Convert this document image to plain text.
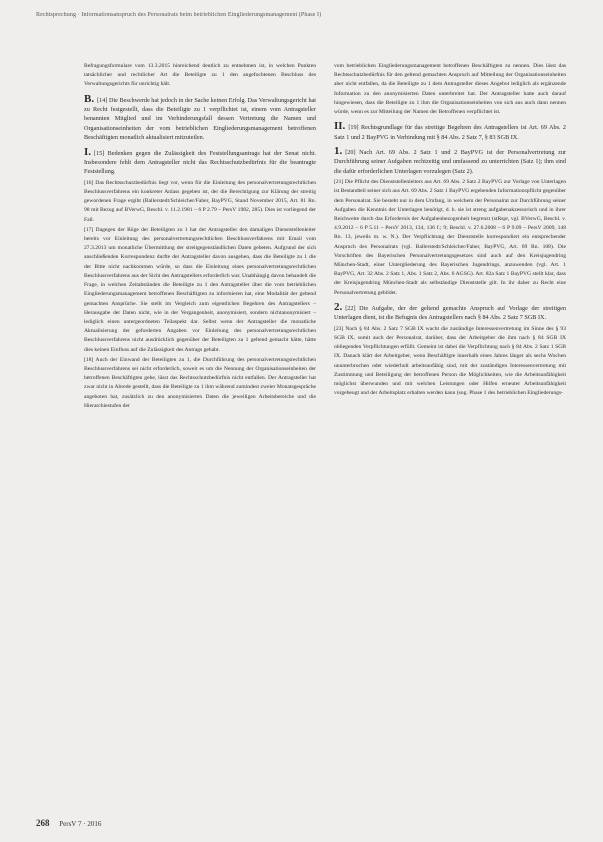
Rechtsprechung · Informationsanspruch des Personalrats beim betrieblichen Eingliederungsmanagement (Phase I)

Befragungsformulare vom 13.3.2015 hinreichend deutlich zu entnehmen ist, in welchen Punkten tatsächlicher und rechtlicher Art die Beteiligte zu 1 den angefochtenen Beschluss des Verwaltungsgerichts für unrichtig hält.

B. [14] Die Beschwerde hat jedoch in der Sache keinen Erfolg. Das Verwaltungsgericht hat zu Recht festgestellt, dass die Beteiligte zu 1 verpflichtet ist, einem vom Antragsteller benannten Mitglied und im Verhinderungsfall dessen Vertretung die Namen und Organisationseinheiten der vom betrieblichen Eingliederungsmanagement betroffenen Beschäftigten monatlich aktualisiert mitzuteilen.
I. [15] Bedenken gegen die Zulässigkeit des Feststellungsantrags hat der Senat nicht. Insbesondere fehlt dem Antragsteller nicht das Rechtsschutzbedürfnis für die beantragte Feststellung.

[16] Das Rechtsschutzbedürfnis liegt vor, wenn für die Einleitung des personalvertretungsrechtlichen Beschlussverfahrens ein konkreter Anlass gegeben ist, der die Berechtigung zur Klärung der streitig gewordenen Frage ergibt (Ballerstedt/Schleicher/Faber, BayPVG, Stand November 2015, Art. 81 Rn. 98 mit Bezug auf BVerwG, Beschl. v. 11.2.1981 – 6 P 2.79 – PersV 1982, 285). Dies ist vorliegend der Fall.

[17] Dagegen der Rüge der Beteiligten zu 1 hat der Antragsteller den damaligen Dienststellenleiter bereits vor Einleitung des personalvertretungsrechtlichen Beschlussverfahrens mit Email vom 27.3.2013 um monatliche Übermittlung der streitgegenständlichen Daten gebeten. Aufgrund der sich anschließenden Korrespondenz durfte der Antragsteller davon ausgehen, dass die Beteiligte zu 1 die der Bitte nicht nachkommen würde, so dass die Einleitung eines personalvertretungsrechtlichen Beschlussverfahrens aus der Sicht des Antragstellers erforderlich war. Unabhängig davon behandelt die Frage, in welchen Zeitabständen die Beteiligte zu 1 den Antragsteller über die vom betrieblichen Eingliederungsmanagement betroffenen Beschäftigten zu informieren hat, eine Modalität der geltend gemachten Ansprüche. Sie stellt im Vergleich zum eigentlichen Begehren des Antragstellers – Herausgabe der Daten nicht, wie in der Vergangenheit, anonymisiert, sondern nichtanonymisiert – lediglich einen untergeordneten Teilaspekt dar. Selbst wenn der Antragsteller die monatliche Aktualisierung der geforderten Angaben vor Einleitung des personalvertretungsrechtlichen Beschlussverfahrens nicht ausdrücklich gegenüber der Beteiligten zu 1 geltend gemacht hätte, hätte dies keinen Einfluss auf die Zulässigkeit des Antrags gehabt.

[18] Auch der Einwand der Beteiligten zu 1, die Durchführung des personalvertretungsrechtlichen Beschlussverfahrens sei nicht erforderlich, soweit es um die Nennung der Organisationseinheiten der betroffenen Beschäftigten gehe, lässt das Rechtsschutzbedürfnis nicht entfallen. Der Antragsteller hat zwar nicht in Abrede gestellt, dass die Beteiligte zu 1 ihm während zumindest zweier Monatsgespräche angeboten hat, zusätzlich zu den anonymisierten Daten die jeweiligen Arbeitsbereiche und die Hierarchiestufen der

vom betrieblichen Eingliederungsmanagement betroffenen Beschäftigten zu nennen. Dies lässt das Rechtsschutzbedürfnis für den geltend gemachten Anspruch auf Mitteilung der Organisationseinheiten aber nicht entfallen, da die Beteiligte zu 1 dem Antragsteller dieses Angebot lediglich als ergänzende Information zu den anonymisierten Daten unterbreitet hat. Der Antragsteller hatte auch darauf hingewiesen, dass die Beteiligte zu 1 ihm die Organisationseinheiten von sich aus auch dann nennen würde, wenn es zur Mitteilung der Namen der Betroffenen verpflichtet ist.

II. [19] Rechtsgrundlage für das streitige Begehren des Antragstellers ist Art. 69 Abs. 2 Satz 1 und 2 BayPVG in Verbindung mit § 84 Abs. 2 Satz 7, § 83 SGB IX.
1. [20] Nach Art. 69 Abs. 2 Satz 1 und 2 BayPVG ist der Personalvertretung zur Durchführung seiner Aufgaben rechtzeitig und umfassend zu unterrichten (Satz 1); ihm sind die dafür erforderlichen Unterlagen vorzulegen (Satz 2).

[21] Die Pflicht des Dienststellenleiters aus Art. 69 Abs. 2 Satz 2 BayPVG zur Vorlage von Unterlagen ist Bestandteil seiner sich aus Art. 69 Abs. 2 Satz 1 BayPVG ergebenden Informationspflicht gegenüber dem Personalrat. Sie besteht nur in dem Umfang, in welchem der Personalrat zur Durchführung seiner Aufgaben die Kenntnis der Unterlagen benötigt, d. h. sie ist streng aufgabenakzessorisch und in ihrer Reichweite durch das Erfordernis der Aufgabenbezogenheit begrenzt (stRspr, vgl. BVerwG, Beschl. v. 4.9.2012 – 6 P 5.11 – PersV 2013, 134, 136 f.; 9; Beschl. v. 27.6.2008 – 6 P 9.09 – PersV 2009, 148 Rn. 13, jeweils m. w. N.). Der Verpflichtung der Dienststelle korrespondiert ein entsprechender Anspruch des Personalrats (vgl. Ballerstedt/Schleicher/Faber, BayPVG, Art. 69 Rn. 108). Die Vorschriften des Bayerischen Personalvertretungsgesetzes sind auch auf den Kreisjugendring München-Stadt, einer Untergliederung des Bayerischen Jugendrings, anzuwenden (vgl. Art. 1 BayPVG, Art. 32 Abs. 2 Satz 1, Abs. 1 Satz 2, Abs. 6 AGSG). Art. 82a Satz 1 BayPVG stellt klar, dass der Kreisjugendring München-Stadt als selbständige Dienststelle gilt. In ihr daher zu Recht eine Personalvertretung gebildet.

2. [22] Die Aufgabe, der der geltend gemachte Anspruch auf Vorlage der streitigen Unterlagen dient, ist die Befugnis des Antragstellers nach § 84 Abs. 2 Satz 7 SGB IX.

[23] Nach § 84 Abs. 2 Satz 7 SGB IX wacht die zuständige Interessenvertretung im Sinne des § 93 SGB IX, somit auch der Personalrat, darüber, dass der Arbeitgeber die ihm nach § 84 SGB IX obliegenden Verpflichtungen erfüllt. Gemeint ist dabei die Verpflichtung nach § 84 Abs. 2 Satz 1 SGB IX. Danach klärt der Arbeitgeber, wenn Beschäftigte innerhalb eines Jahres länger als sechs Wochen ununterbrochen oder wiederholt arbeitsunfähig sind, mit der zuständigen Interessenvertretung mit Zustimmung und Beteiligung der betroffenen Person die Möglichkeiten, wie die Arbeitsunfähigkeit möglichst überwunden und mit welchen Leistungen oder Hilfen erneuter Arbeitsunfähigkeit vorgebeugt und der Arbeitsplatz erhalten werden kann (sog. Phase 1 des betrieblichen Eingliederungs-

268 PersV 7 · 2016
